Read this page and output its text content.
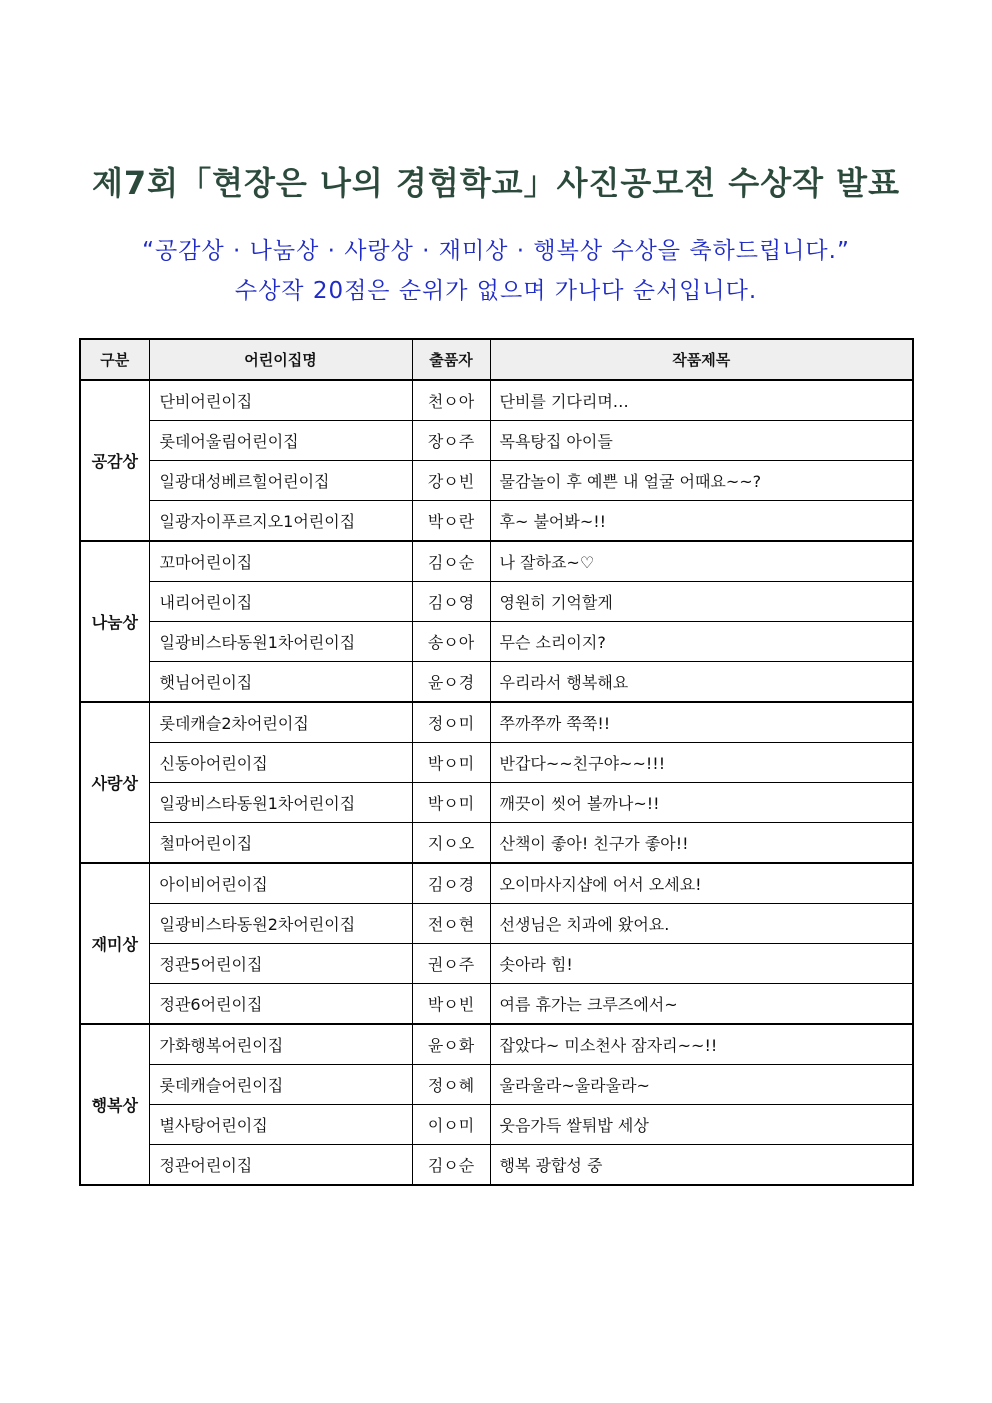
제7회「현장은 나의 경험학교」사진공모전 수상작 발표
“공감상 · 나눔상 · 사랑상 · 재미상 · 행복상 수상을 축하드립니다.”
수상작 20점은 순위가 없으며 가나다 순서입니다.
구분	어린이집명	출품자	작품제목
공감상	단비어린이집	천ㅇ아	단비를 기다리며…
	롯데어울림어린이집	장ㅇ주	목욕탕집 아이들
	일광대성베르힐어린이집	강ㅇ빈	물감놀이 후 예쁜 내 얼굴 어때요~~?
	일광자이푸르지오1어린이집	박ㅇ란	후~ 불어봐~!!
나눔상	꼬마어린이집	김ㅇ순	나 잘하죠~♡
	내리어린이집	김ㅇ영	영원히 기억할게
	일광비스타동원1차어린이집	송ㅇ아	무슨 소리이지?
	햇님어린이집	윤ㅇ경	우리라서 행복해요
사랑상	롯데캐슬2차어린이집	정ㅇ미	쭈까쭈까 쭉쭉!!
	신동아어린이집	박ㅇ미	반갑다~~친구야~~!!!
	일광비스타동원1차어린이집	박ㅇ미	깨끗이 씻어 볼까나~!!
	철마어린이집	지ㅇ오	산책이 좋아! 친구가 좋아!!
재미상	아이비어린이집	김ㅇ경	오이마사지샵에 어서 오세요!
	일광비스타동원2차어린이집	전ㅇ현	선생님은 치과에 왔어요.
	정관5어린이집	권ㅇ주	솟아라 힘!
	정관6어린이집	박ㅇ빈	여름 휴가는 크루즈에서~
행복상	가화행복어린이집	윤ㅇ화	잡았다~ 미소천사 잠자리~~!!
	롯데캐슬어린이집	정ㅇ혜	울라울라~울라울라~
	별사탕어린이집	이ㅇ미	웃음가득 쌀튀밥 세상
	정관어린이집	김ㅇ순	행복 광합성 중
